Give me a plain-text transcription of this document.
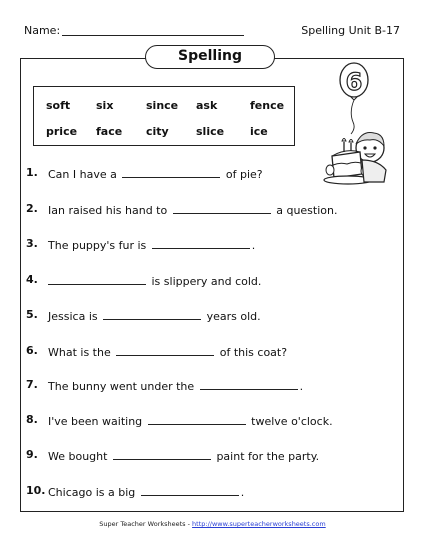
Name:	Spelling Unit B-17
Spelling
soft six	since ask	fence
price face city slice ice
6
1. Can I have a	of pie?
2. Ian raised his hand to	a question.
3. The puppy's fur is	.
4.	is slippery and cold.
5. Jessica is	years old.
6. What is the	of this coat?
7. The bunny went under the	.
8. I've been waiting	twelve o'clock.
9. We bought	paint for the party.
10. Chicago is a big	.
Super Teacher Worksheets - http://www.superteacherworksheets.com
